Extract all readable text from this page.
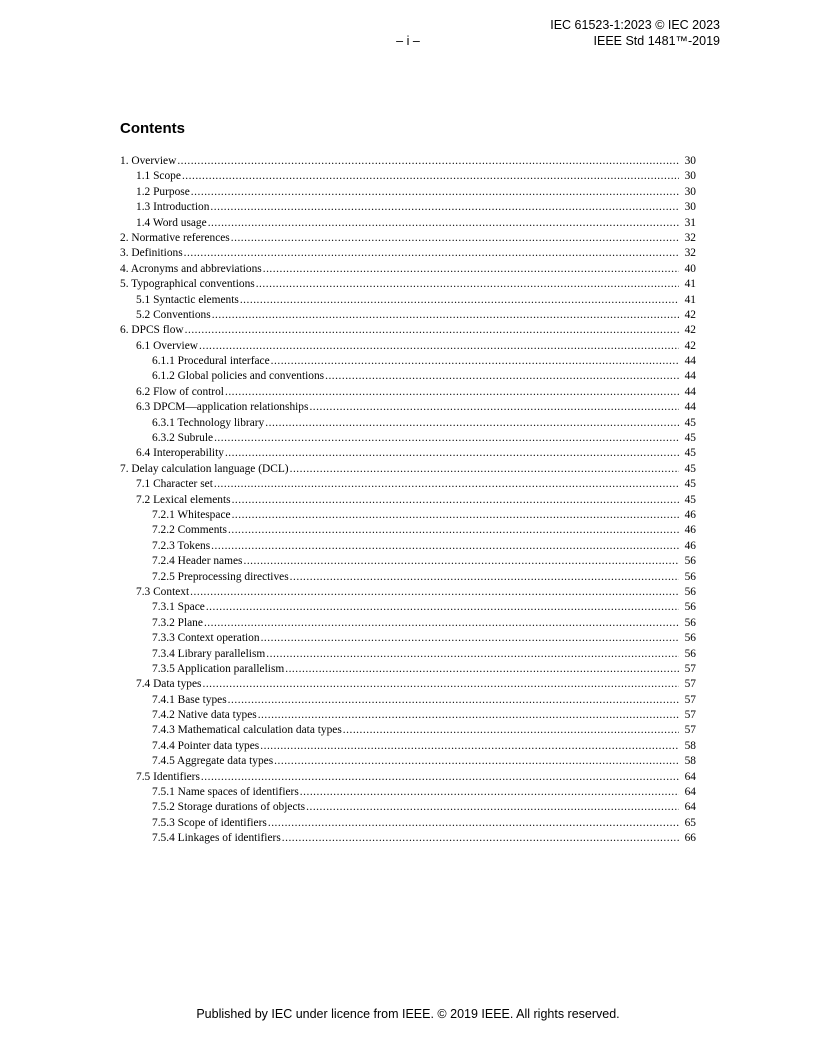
IEC 61523-1:2023 © IEC 2023
IEEE Std 1481™-2019
– i –
Contents
1. Overview .....	30
1.1 Scope .....	30
1.2 Purpose .....	30
1.3 Introduction .....	30
1.4 Word usage .....	31
2. Normative references .....	32
3. Definitions .....	32
4. Acronyms and abbreviations .....	40
5. Typographical conventions .....	41
5.1 Syntactic elements .....	41
5.2 Conventions .....	42
6. DPCS flow .....	42
6.1 Overview .....	42
6.1.1 Procedural interface .....	44
6.1.2 Global policies and conventions .....	44
6.2 Flow of control .....	44
6.3 DPCM—application relationships .....	44
6.3.1 Technology library .....	45
6.3.2 Subrule .....	45
6.4 Interoperability .....	45
7. Delay calculation language (DCL) .....	45
7.1 Character set .....	45
7.2 Lexical elements .....	45
7.2.1 Whitespace .....	46
7.2.2 Comments .....	46
7.2.3 Tokens .....	46
7.2.4 Header names .....	56
7.2.5 Preprocessing directives .....	56
7.3 Context .....	56
7.3.1 Space .....	56
7.3.2 Plane .....	56
7.3.3 Context operation .....	56
7.3.4 Library parallelism .....	56
7.3.5 Application parallelism .....	57
7.4 Data types .....	57
7.4.1 Base types .....	57
7.4.2 Native data types .....	57
7.4.3 Mathematical calculation data types .....	57
7.4.4 Pointer data types .....	58
7.4.5 Aggregate data types .....	58
7.5 Identifiers .....	64
7.5.1 Name spaces of identifiers .....	64
7.5.2 Storage durations of objects .....	64
7.5.3 Scope of identifiers .....	65
7.5.4 Linkages of identifiers .....	66
Published by IEC under licence from IEEE. © 2019 IEEE. All rights reserved.
